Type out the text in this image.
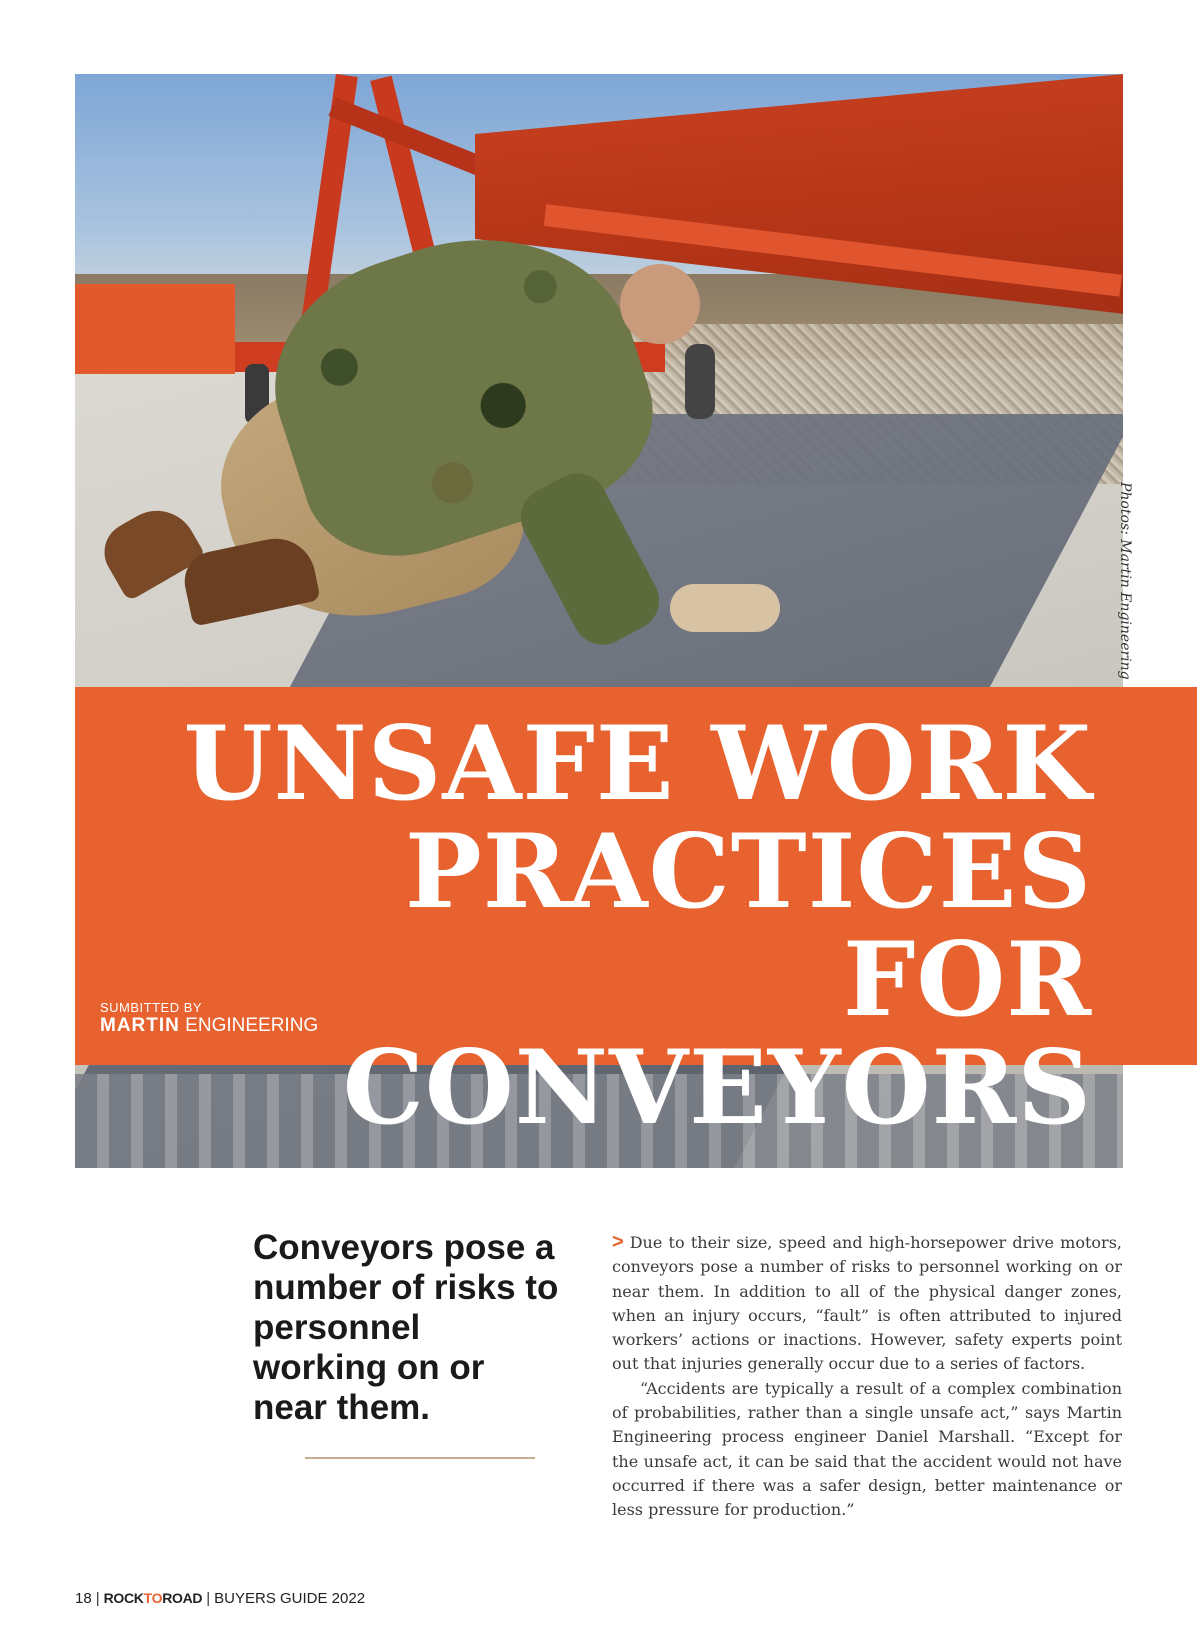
Photos: Martin Engineering
UNSAFE WORK
PRACTICES FOR
CONVEYORS
SUMBITTED BY
MARTIN ENGINEERING
Conveyors pose a number of risks to personnel working on or near them.

> Due to their size, speed and high-horsepower drive motors, conveyors pose a number of risks to personnel working on or near them. In addition to all of the physical danger zones, when an injury occurs, “fault” is often attributed to injured workers’ actions or inactions. However, safety experts point out that injuries generally occur due to a series of factors.

“Accidents are typically a result of a complex combination of probabilities, rather than a single unsafe act,” says Martin Engineering process engineer Daniel Marshall. “Except for the unsafe act, it can be said that the accident would not have occurred if there was a safer design, better maintenance or less pressure for production.”

18 | ROCKTOROAD | BUYERS GUIDE 2022
